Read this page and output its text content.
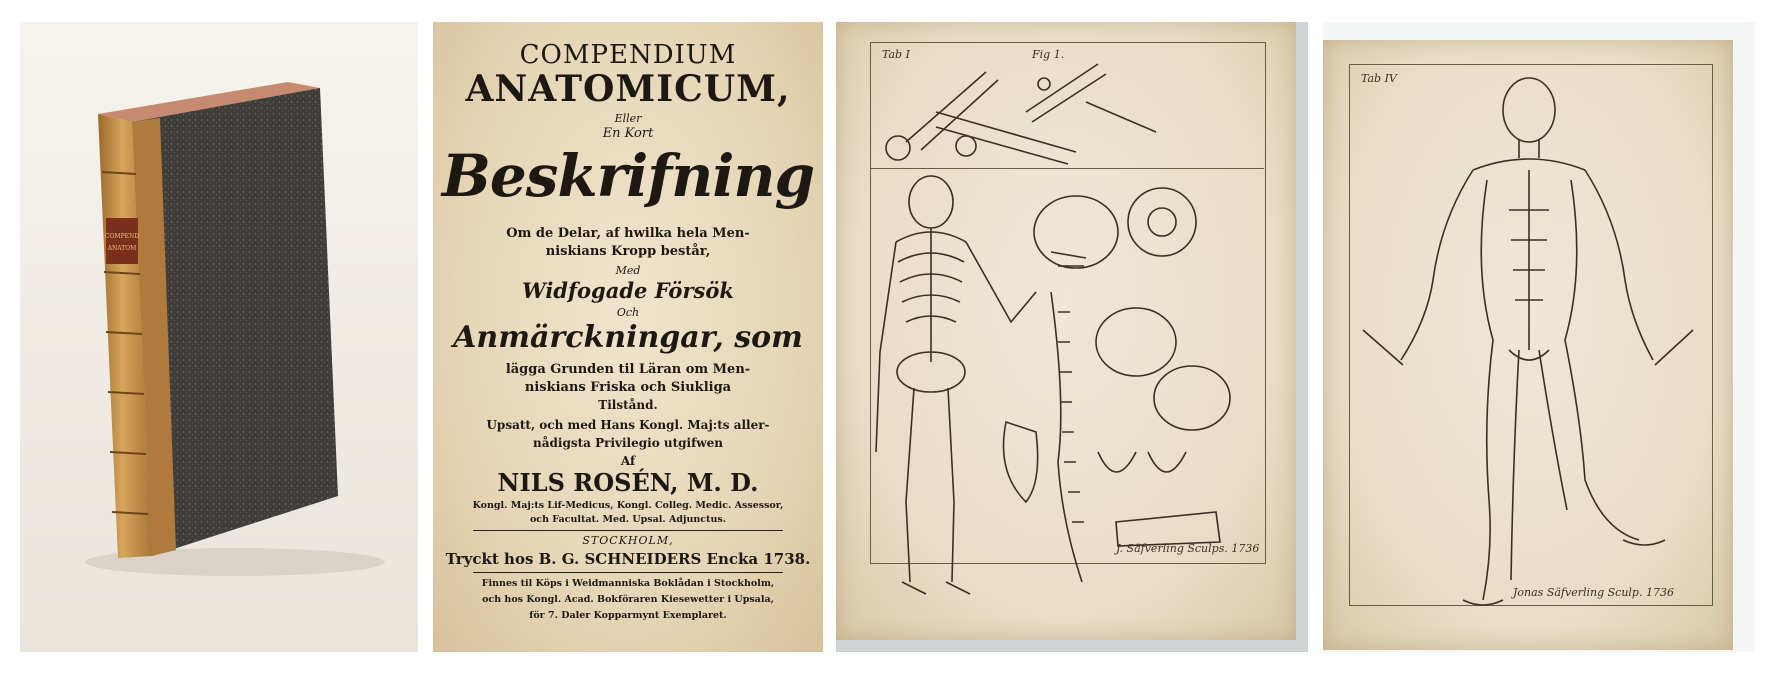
COMPEND
ANATOM
COMPENDIUM
ANATOMICUM,
Eller
En Kort
Beskrifning
Om de Delar, af hwilka hela Men-
niskians Kropp består,
Med
Widfogade Försök
Och
Anmärckningar, som
lägga Grunden til Läran om Men-
niskians Friska och Siukliga
Tilstånd.
Upsatt, och med Hans Kongl. Maj:ts aller-
nådigsta Privilegio utgifwen
Af
NILS ROSÉN, M. D.
Kongl. Maj:ts Lif-Medicus, Kongl. Colleg. Medic. Assessor,
och Facultat. Med. Upsal. Adjunctus.
STOCKHOLM,
Tryckt hos B. G. SCHNEIDERS Enckа 1738.
Finnes til Köps i Weidmanniska Boklådan i Stockholm,
och hos Kongl. Acad. Bokföraren Kiesewetter i Upsala,
för 7. Daler Kopparmynt Exemplaret.
Tab I	Fig 1.
J. Säfverling Sculps. 1736
Tab IV
Jonas Säfverling Sculp. 1736
